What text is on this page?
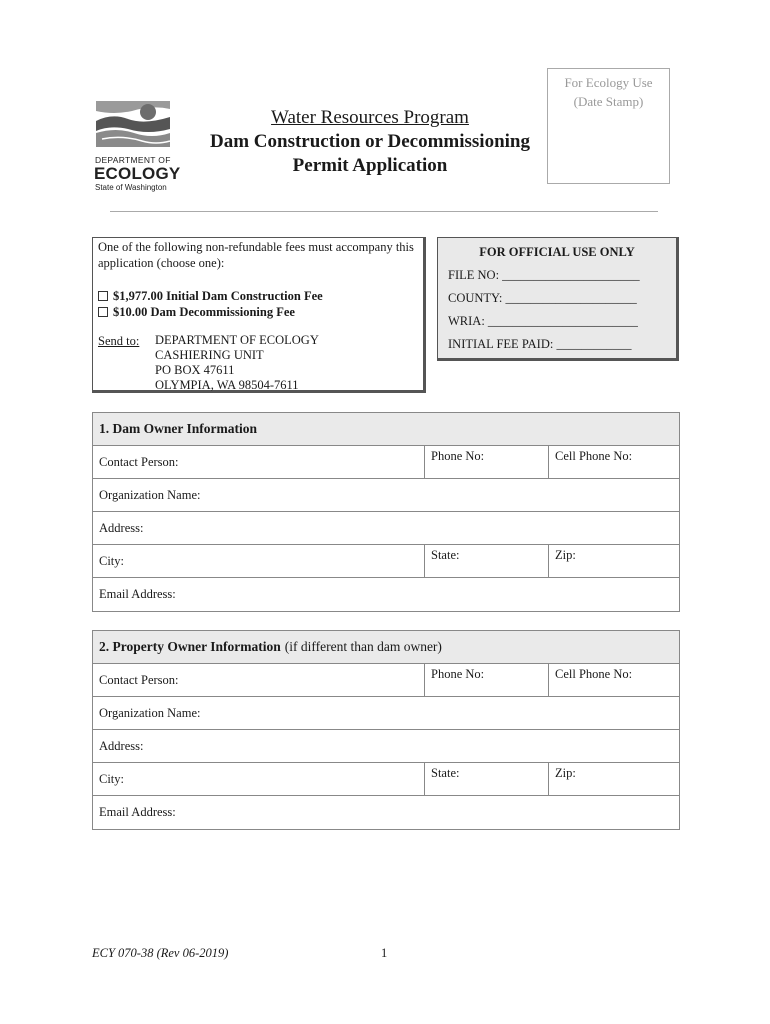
DEPARTMENT OF
ECOLOGY
State of Washington
Water Resources Program
Dam Construction or Decommissioning
Permit Application
For Ecology Use
(Date Stamp)
One of the following non-refundable fees must accompany this application (choose one):
$1,977.00 Initial Dam Construction Fee
$10.00 Dam Decommissioning Fee
Send to:	DEPARTMENT OF ECOLOGY
CASHIERING UNIT
PO BOX 47611
OLYMPIA, WA 98504-7611
FOR OFFICIAL USE ONLY
FILE NO: ______________________
COUNTY: _____________________
WRIA: ________________________
INITIAL FEE PAID: ____________
1. Dam Owner Information
Contact Person:	Phone No:	Cell Phone No:
Organization Name:
Address:
City:	State:	Zip:
Email Address:
2. Property Owner Information (if different than dam owner)
Contact Person:	Phone No:	Cell Phone No:
Organization Name:
Address:
City:	State:	Zip:
Email Address:
ECY 070-38 (Rev 06-2019)	1
